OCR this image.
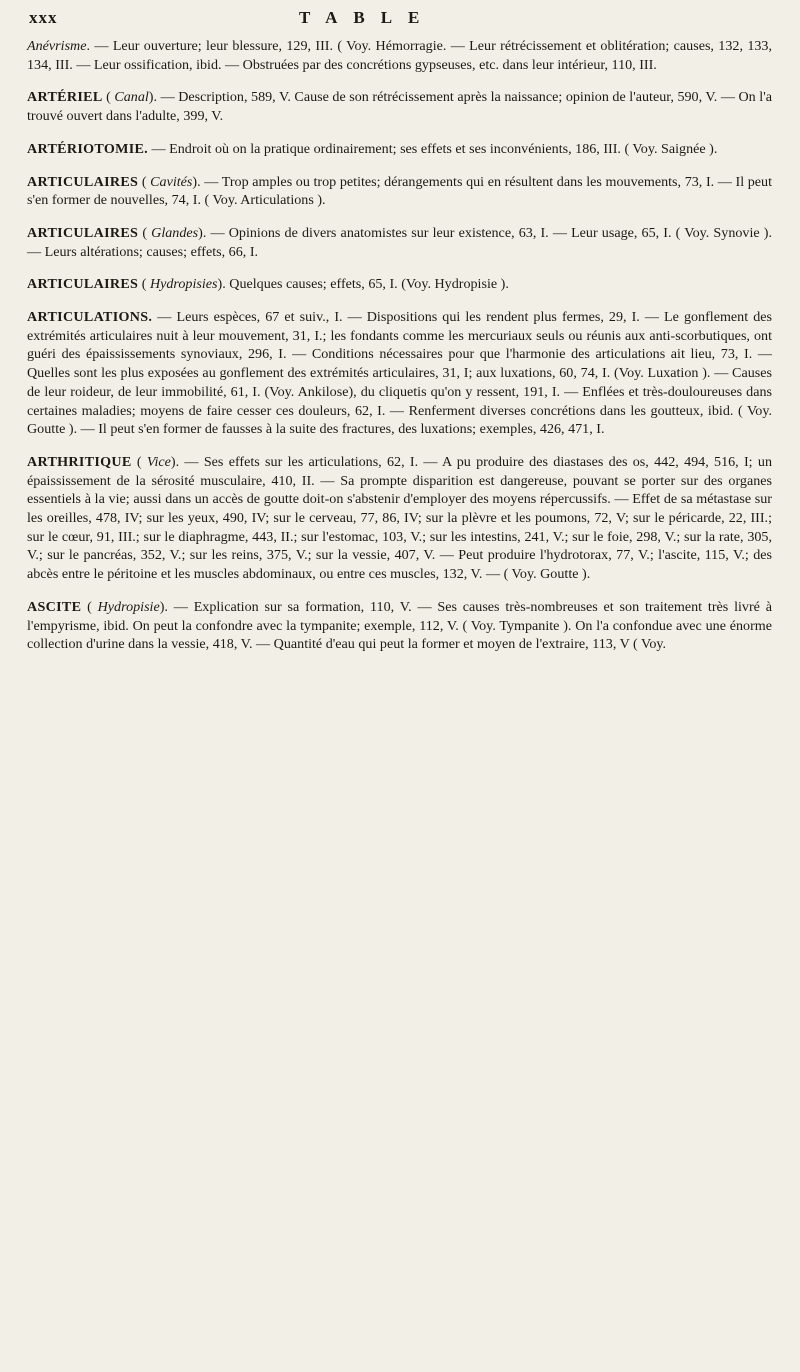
xxx	TABLE

Anévrisme. — Leur ouverture; leur blessure, 129, III. ( Voy. Hémorragie. — Leur rétrécissement et oblitération; causes, 132, 133, 134, III. — Leur ossification, ibid. — Obstruées par des concrétions gypseuses, etc. dans leur intérieur, 110, III.

ARTÉRIEL ( Canal). — Description, 589, V. Cause de son rétrécissement après la naissance; opinion de l'auteur, 590, V. — On l'a trouvé ouvert dans l'adulte, 399, V.

ARTÉRIOTOMIE. — Endroit où on la pratique ordinairement; ses effets et ses inconvénients, 186, III. ( Voy. Saignée ).

ARTICULAIRES ( Cavités). — Trop amples ou trop petites; dérangements qui en résultent dans les mouvements, 73, I. — Il peut s'en former de nouvelles, 74, I. ( Voy. Articulations ).

ARTICULAIRES ( Glandes). — Opinions de divers anatomistes sur leur existence, 63, I. — Leur usage, 65, I. ( Voy. Synovie ). — Leurs altérations; causes; effets, 66, I.

ARTICULAIRES ( Hydropisies). Quelques causes; effets, 65, I. (Voy. Hydropisie ).

ARTICULATIONS. — Leurs espèces, 67 et suiv., I. — Dispositions qui les rendent plus fermes, 29, I. — Le gonflement des extrémités articulaires nuit à leur mouvement, 31, I.; les fondants comme les mercuriaux seuls ou réunis aux anti-scorbutiques, ont guéri des épaississements synoviaux, 296, I. — Conditions nécessaires pour que l'harmonie des articulations ait lieu, 73, I. — Quelles sont les plus exposées au gonflement des extrémités articulaires, 31, I; aux luxations, 60, 74, I. (Voy. Luxation ). — Causes de leur roideur, de leur immobilité, 61, I. (Voy. Ankilose), du cliquetis qu'on y ressent, 191, I. — Enflées et très-douloureuses dans certaines maladies; moyens de faire cesser ces douleurs, 62, I. — Renferment diverses concrétions dans les goutteux, ibid. ( Voy. Goutte ). — Il peut s'en former de fausses à la suite des fractures, des luxations; exemples, 426, 471, I.

ARTHRITIQUE ( Vice). — Ses effets sur les articulations, 62, I. — A pu produire des diastases des os, 442, 494, 516, I; un épaississement de la sérosité musculaire, 410, II. — Sa prompte disparition est dangereuse, pouvant se porter sur des organes essentiels à la vie; aussi dans un accès de goutte doit-on s'abstenir d'employer des moyens répercussifs. — Effet de sa métastase sur les oreilles, 478, IV; sur les yeux, 490, IV; sur le cerveau, 77, 86, IV; sur la plèvre et les poumons, 72, V; sur le péricarde, 22, III.; sur le cœur, 91, III.; sur le diaphragme, 443, II.; sur l'estomac, 103, V.; sur les intestins, 241, V.; sur le foie, 298, V.; sur la rate, 305, V.; sur le pancréas, 352, V.; sur les reins, 375, V.; sur la vessie, 407, V. — Peut produire l'hydrotorax, 77, V.; l'ascite, 115, V.; des abcès entre le péritoine et les muscles abdominaux, ou entre ces muscles, 132, V. — ( Voy. Goutte ).

ASCITE ( Hydropisie). — Explication sur sa formation, 110, V. — Ses causes très-nombreuses et son traitement très livré à l'empyrisme, ibid. On peut la confondre avec la tympanite; exemple, 112, V. ( Voy. Tympanite ). On l'a confondue avec une énorme collection d'urine dans la vessie, 418, V. — Quantité d'eau qui peut la former et moyen de l'extraire, 113, V ( Voy.
